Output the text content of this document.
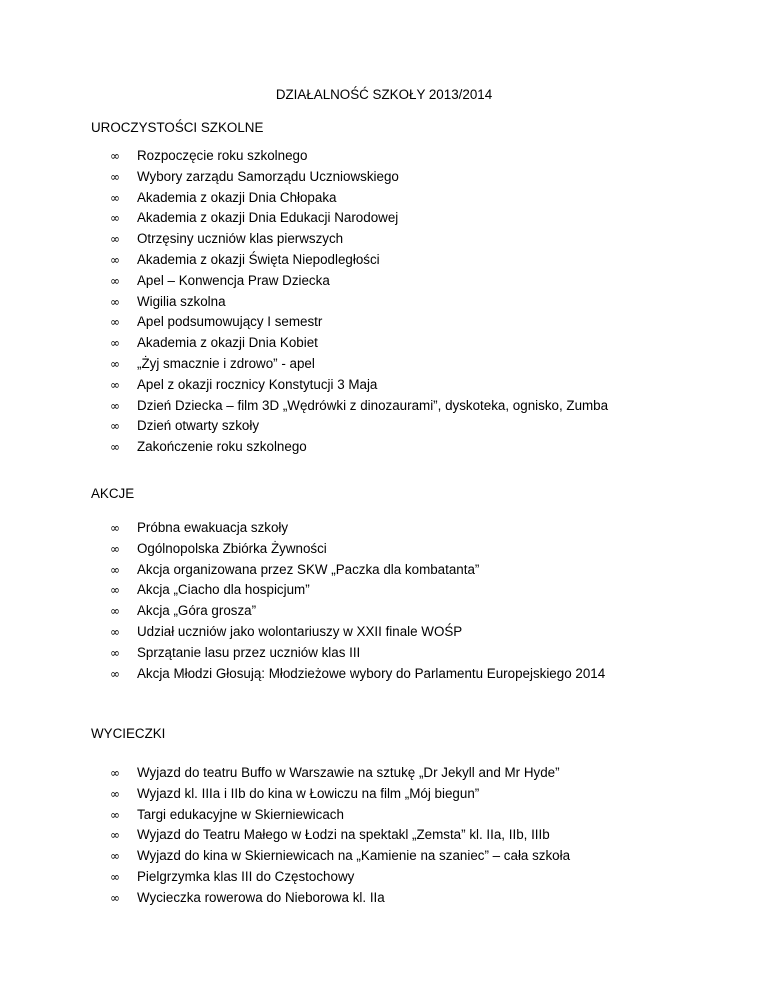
DZIAŁALNOŚĆ SZKOŁY 2013/2014
UROCZYSTOŚCI SZKOLNE
∞ Rozpoczęcie roku szkolnego
∞ Wybory zarządu Samorządu Uczniowskiego
∞ Akademia z okazji Dnia Chłopaka
∞ Akademia z okazji Dnia Edukacji Narodowej
∞ Otrzęsiny uczniów klas pierwszych
∞ Akademia z okazji Święta Niepodległości
∞ Apel – Konwencja Praw Dziecka
∞ Wigilia szkolna
∞ Apel podsumowujący I semestr
∞ Akademia z okazji Dnia Kobiet
∞ „Żyj smacznie i zdrowo” - apel
∞ Apel z okazji rocznicy Konstytucji 3 Maja
∞ Dzień Dziecka – film 3D „Wędrówki z dinozaurami”, dyskoteka, ognisko, Zumba
∞ Dzień otwarty szkoły
∞ Zakończenie roku szkolnego
AKCJE
∞ Próbna ewakuacja szkoły
∞ Ogólnopolska Zbiórka Żywności
∞ Akcja organizowana przez SKW „Paczka dla kombatanta”
∞ Akcja „Ciacho dla hospicjum”
∞ Akcja „Góra grosza”
∞ Udział uczniów jako wolontariuszy w XXII finale WOŚP
∞ Sprzątanie lasu przez uczniów klas III
∞ Akcja Młodzi Głosują: Młodzieżowe wybory do Parlamentu Europejskiego 2014
WYCIECZKI
∞ Wyjazd do teatru Buffo w Warszawie na sztukę „Dr Jekyll and Mr Hyde”
∞ Wyjazd kl. IIIa i IIb do kina w Łowiczu na film „Mój biegun”
∞ Targi edukacyjne w Skierniewicach
∞ Wyjazd do Teatru Małego w Łodzi na spektakl „Zemsta” kl. IIa, IIb, IIIb
∞ Wyjazd do kina w Skierniewicach na „Kamienie na szaniec” – cała szkoła
∞ Pielgrzymka klas III do Częstochowy
∞ Wycieczka rowerowa do Nieborowa kl. IIa
